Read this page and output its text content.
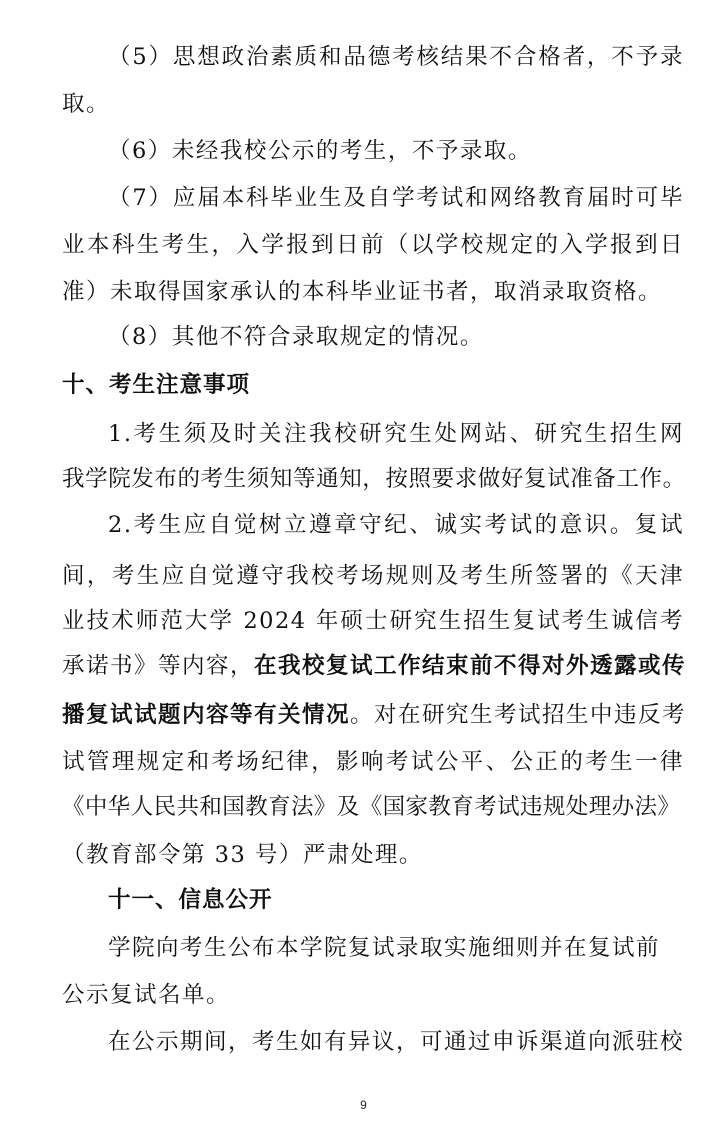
（5）思想政治素质和品德考核结果不合格者，不予录
取。
（6）未经我校公示的考生，不予录取。
（7）应届本科毕业生及自学考试和网络教育届时可毕
业本科生考生，入学报到日前（以学校规定的入学报到日
准）未取得国家承认的本科毕业证书者，取消录取资格。
（8）其他不符合录取规定的情况。
十、考生注意事项
1.考生须及时关注我校研究生处网站、研究生招生网
我学院发布的考生须知等通知，按照要求做好复试准备工作。
2.考生应自觉树立遵章守纪、诚实考试的意识。复试
间，考生应自觉遵守我校考场规则及考生所签署的《天津
业技术师范大学 2024 年硕士研究生招生复试考生诚信考
承诺书》等内容，在我校复试工作结束前不得对外透露或传
播复试试题内容等有关情况。对在研究生考试招生中违反考
试管理规定和考场纪律，影响考试公平、公正的考生一律
《中华人民共和国教育法》及《国家教育考试违规处理办法》
（教育部令第 33 号）严肃处理。
十一、信息公开
学院向考生公布本学院复试录取实施细则并在复试前
公示复试名单。
在公示期间，考生如有异议，可通过申诉渠道向派驻校
9
